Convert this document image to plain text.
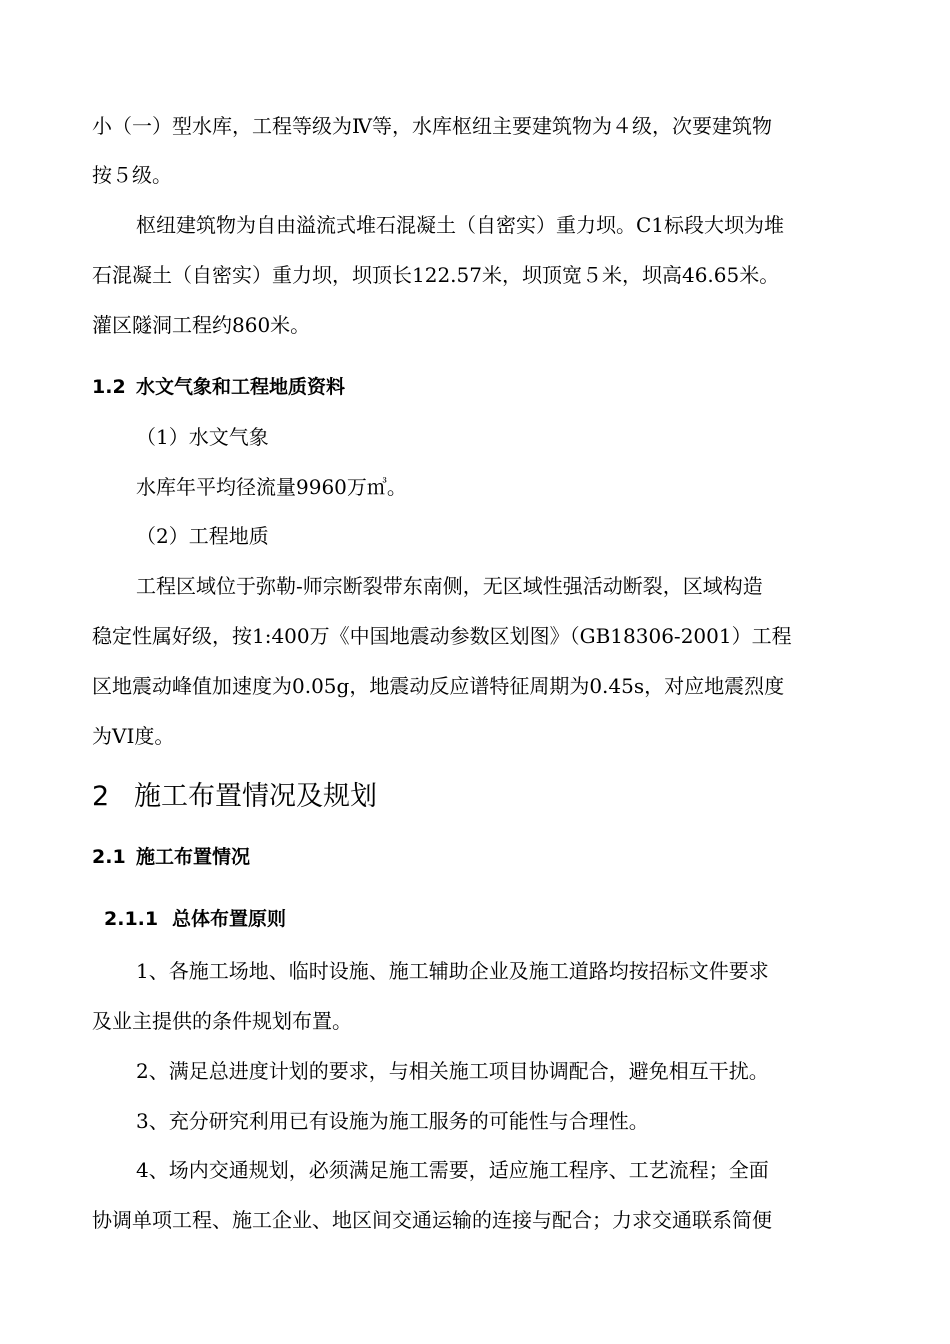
小（一）型水库，工程等级为Ⅳ等，水库枢纽主要建筑物为４级，次要建筑物
按５级。
枢纽建筑物为自由溢流式堆石混凝土（自密实）重力坝。C1标段大坝为堆
石混凝土（自密实）重力坝，坝顶长122.57米，坝顶宽５米，坝高46.65米。
灌区隧洞工程约860米。
1.2 水文气象和工程地质资料
（1）水文气象
水库年平均径流量9960万㎥。
（2）工程地质
工程区域位于弥勒-师宗断裂带东南侧，无区域性强活动断裂，区域构造
稳定性属好级，按1:400万《中国地震动参数区划图》（GB18306-2001）工程
区地震动峰值加速度为0.05g，地震动反应谱特征周期为0.45s，对应地震烈度
为VI度。
2 施工布置情况及规划
2.1 施工布置情况
2.1.1 总体布置原则
1、各施工场地、临时设施、施工辅助企业及施工道路均按招标文件要求
及业主提供的条件规划布置。
2、满足总进度计划的要求，与相关施工项目协调配合，避免相互干扰。
3、充分研究利用已有设施为施工服务的可能性与合理性。
4、场内交通规划，必须满足施工需要，适应施工程序、工艺流程；全面
协调单项工程、施工企业、地区间交通运输的连接与配合；力求交通联系简便
